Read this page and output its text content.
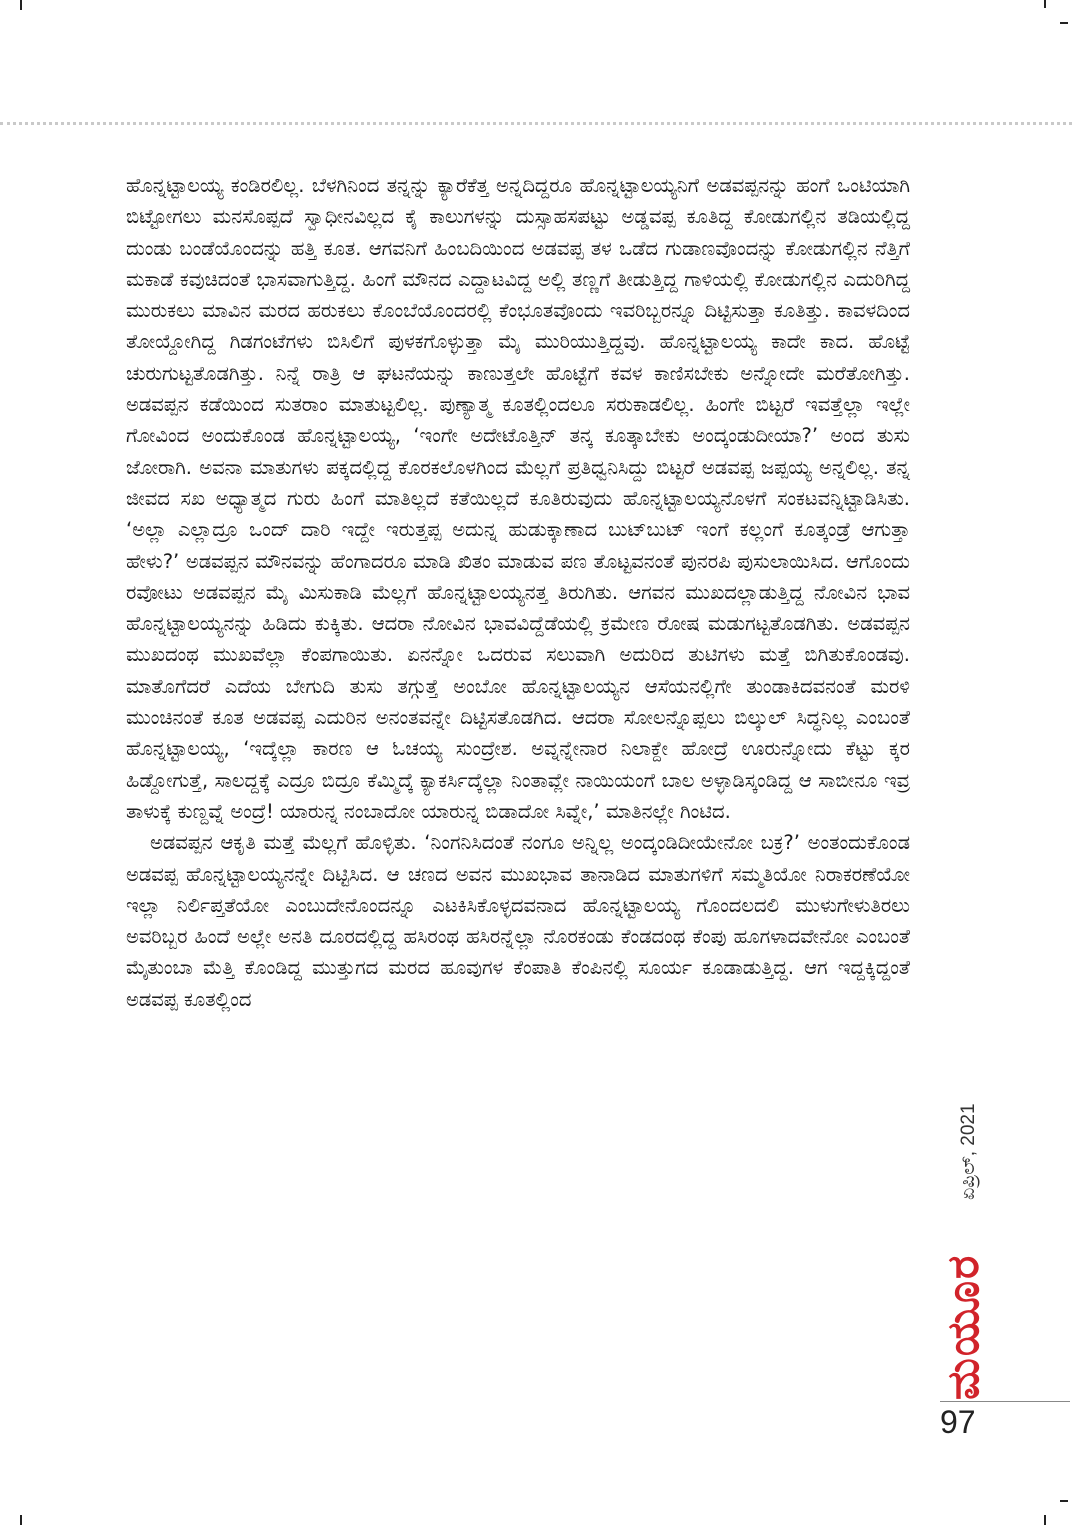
ಹೊನ್ನಟ್ಟಾಲಯ್ಯ ಕಂಡಿರಲಿಲ್ಲ. ಬೆಳಗಿನಿಂದ ತನ್ನನ್ನು ಕ್ಯಾರೆಕೆತ್ತ ಅನ್ನದಿದ್ದರೂ ಹೊನ್ನಟ್ಟಾಲಯ್ಯನಿಗೆ ಅಡವಪ್ಪನನ್ನು ಹಂಗೆ ಒಂಟಿಯಾಗಿ ಬಿಟ್ಟೋಗಲು ಮನಸೊಪ್ಪದೆ ಸ್ವಾಧೀನವಿಲ್ಲದ ಕೈ ಕಾಲುಗಳನ್ನು ದುಸ್ಸಾಹಸಪಟ್ಟು ಅಡ್ಡವಪ್ಪ ಕೂತಿದ್ದ ಕೋಡುಗಲ್ಲಿನ ತಡಿಯಲ್ಲಿದ್ದ ದುಂಡು ಬಂಡೆಯೊಂದನ್ನು ಹತ್ತಿ ಕೂತ. ಆಗವನಿಗೆ ಹಿಂಬದಿಯಿಂದ ಅಡವಪ್ಪ ತಳ ಒಡೆದ ಗುಡಾಣವೊಂದನ್ನು ಕೋಡುಗಲ್ಲಿನ ನೆತ್ತಿಗೆ ಮಕಾಡೆ ಕವುಚಿದಂತೆ ಭಾಸವಾಗುತ್ತಿದ್ದ. ಹಿಂಗೆ ಮೌನದ ಎದ್ದಾಟವಿದ್ದ ಅಲ್ಲಿ ತಣ್ಣಗೆ ತೀಡುತ್ತಿದ್ದ ಗಾಳಿಯಲ್ಲಿ ಕೋಡುಗಲ್ಲಿನ ಎದುರಿಗಿದ್ದ ಮುರುಕಲು ಮಾವಿನ ಮರದ ಹರುಕಲು ಕೊಂಬೆಯೊಂದರಲ್ಲಿ ಕೆಂಭೂತವೊಂದು ಇವರಿಬ್ಬರನ್ನೂ ದಿಟ್ಟಿಸುತ್ತಾ ಕೂತಿತ್ತು. ಕಾವಳದಿಂದ ತೋಯ್ದೋಗಿದ್ದ ಗಿಡಗಂಟೆಗಳು ಬಿಸಿಲಿಗೆ ಪುಳಕಗೊಳ್ಳುತ್ತಾ ಮೈ ಮುರಿಯುತ್ತಿದ್ದವು. ಹೊನ್ನಟ್ಟಾಲಯ್ಯ ಕಾದೇ ಕಾದ. ಹೊಟ್ಟೆ ಚುರುಗುಟ್ಟತೊಡಗಿತ್ತು. ನಿನ್ನೆ ರಾತ್ರಿ ಆ ಘಟನೆಯನ್ನು ಕಾಣುತ್ತಲೇ ಹೊಟ್ಟೆಗೆ ಕವಳ ಕಾಣಿಸಬೇಕು ಅನ್ನೋದೇ ಮರೆತೋಗಿತ್ತು. ಅಡವಪ್ಪನ ಕಡೆಯಿಂದ ಸುತರಾಂ ಮಾತುಟ್ಟಲಿಲ್ಲ. ಪುಣ್ಯಾತ್ಮ ಕೂತಲ್ಲಿಂದಲೂ ಸರುಕಾಡಲಿಲ್ಲ. ಹಿಂಗೇ ಬಿಟ್ಟರೆ ಇವತ್ತೆಲ್ಲಾ ಇಲ್ಲೇ ಗೋವಿಂದ ಅಂದುಕೊಂಡ ಹೊನ್ನಟ್ಟಾಲಯ್ಯ, ‘ಇಂಗೇ ಅದೇಟೊತ್ತಿನ್ ತನ್ಕ ಕೂತ್ಕಾಬೇಕು ಅಂದ್ಕಂಡುದೀಯಾ?’ ಅಂದ ತುಸು ಜೋರಾಗಿ. ಅವನಾ ಮಾತುಗಳು ಪಕ್ಕದಲ್ಲಿದ್ದ ಕೊರಕಲೊಳಗಿಂದ ಮೆಲ್ಲಗೆ ಪ್ರತಿಧ್ವನಿಸಿದ್ದು ಬಿಟ್ಟರೆ ಅಡವಪ್ಪ ಜಪ್ಪಯ್ಯ ಅನ್ನಲಿಲ್ಲ. ತನ್ನ ಜೀವದ ಸಖ ಅಧ್ಯಾತ್ಮದ ಗುರು ಹಿಂಗೆ ಮಾತಿಲ್ಲದೆ ಕತೆಯಿಲ್ಲದೆ ಕೂತಿರುವುದು ಹೊನ್ನಟ್ಟಾಲಯ್ಯನೊಳಗೆ ಸಂಕಟವನ್ನಿಟ್ಟಾಡಿಸಿತು. ‘ಅಲ್ಲಾ ಎಲ್ಲಾದ್ರೂ ಒಂದ್ ದಾರಿ ಇದ್ದೇ ಇರುತ್ತಪ್ಪ ಅದುನ್ನ ಹುಡುಕ್ಕಾಣಾದ ಬುಟ್‌ಬುಟ್ ಇಂಗೆ ಕಲ್ಲಂಗೆ ಕೂತ್ಕಂಡ್ರೆ ಆಗುತ್ತಾ ಹೇಳು?’ ಅಡವಪ್ಪನ ಮೌನವನ್ನು ಹೆಂಗಾದರೂ ಮಾಡಿ ಖಿತಂ ಮಾಡುವ ಪಣ ತೊಟ್ಟವನಂತೆ ಪುನರಪಿ ಪುಸುಲಾಯಿಸಿದ. ಆಗೊಂದು ರವೋಟು ಅಡವಪ್ಪನ ಮೈ ಮಿಸುಕಾಡಿ ಮೆಲ್ಲಗೆ ಹೊನ್ನಟ್ಟಾಲಯ್ಯನತ್ತ ತಿರುಗಿತು. ಆಗವನ ಮುಖದಲ್ಲಾಡುತ್ತಿದ್ದ ನೋವಿನ ಭಾವ ಹೊನ್ನಟ್ಟಾಲಯ್ಯನನ್ನು ಹಿಡಿದು ಕುಕ್ಕಿತು. ಆದರಾ ನೋವಿನ ಭಾವವಿದ್ದೆಡೆಯಲ್ಲಿ ಕ್ರಮೇಣ ರೋಷ ಮಡುಗಟ್ಟತೊಡಗಿತು. ಅಡವಪ್ಪನ ಮುಖದಂಥ ಮುಖವೆಲ್ಲಾ ಕೆಂಪಗಾಯಿತು. ಏನನ್ನೋ ಒದರುವ ಸಲುವಾಗಿ ಅದುರಿದ ತುಟಿಗಳು ಮತ್ತೆ ಬಿಗಿತುಕೊಂಡವು. ಮಾತೊಗೆದರೆ ಎದೆಯ ಬೇಗುದಿ ತುಸು ತಗ್ಗುತ್ತೆ ಅಂಬೋ ಹೊನ್ನಟ್ಟಾಲಯ್ಯನ ಆಸೆಯನಲ್ಲಿಗೇ ತುಂಡಾಕಿದವನಂತೆ ಮರಳಿ ಮುಂಚಿನಂತೆ ಕೂತ ಅಡವಪ್ಪ ಎದುರಿನ ಅನಂತವನ್ನೇ ದಿಟ್ಟಿಸತೊಡಗಿದ. ಆದರಾ ಸೋಲನ್ನೊಪ್ಪಲು ಬಿಲ್ಕುಲ್ ಸಿದ್ಧನಿಲ್ಲ ಎಂಬಂತೆ ಹೊನ್ನಟ್ಟಾಲಯ್ಯ, ‘ಇದ್ಕೆಲ್ಲಾ ಕಾರಣ ಆ ಓಚಯ್ಯ ಸುಂದ್ರೇಶ. ಅವ್ನನ್ನೇನಾರ ನಿಲಾಕ್ದೇ ಹೋದ್ರೆ ಊರುನ್ನೋದು ಕೆಟ್ಟು ಕ್ಕರ ಹಿಡ್ದೋಗುತ್ತೆ, ಸಾಲದ್ದಕ್ಕೆ ಎದ್ರೂ ಬಿದ್ರೂ ಕೆಮ್ಮಿದ್ಕೆ ಕ್ಯಾಕರ್ಸಿದ್ಕೆಲ್ಲಾ ನಿಂತಾವ್ಲೇ ನಾಯಿಯಂಗೆ ಬಾಲ ಅಳ್ಳಾಡಿಸ್ಕಂಡಿದ್ದ ಆ ಸಾಬೀನೂ ಇವ್ರ ತಾಳುಕ್ಕೆ ಕುಣ್ದವ್ನೆ ಅಂದ್ರೆ! ಯಾರುನ್ನ ನಂಬಾದೋ ಯಾರುನ್ನ ಬಿಡಾದೋ ಸಿವ್ನೇ,’ ಮಾತಿನಲ್ಲೇ ಗಿಂಟಿದ.

ಅಡವಪ್ಪನ ಆಕೃತಿ ಮತ್ತೆ ಮೆಲ್ಲಗೆ ಹೊಳ್ಳಿತು. ‘ನಿಂಗನಿಸಿದಂತೆ ನಂಗೂ ಅನ್ನಿಲ್ಲ ಅಂದ್ಕಂಡಿದೀಯೇನೋ ಬಕ್ರ?’ ಅಂತಂದುಕೊಂಡ ಅಡವಪ್ಪ ಹೊನ್ನಟ್ಟಾಲಯ್ಯನನ್ನೇ ದಿಟ್ಟಿಸಿದ. ಆ ಚಣದ ಅವನ ಮುಖಭಾವ ತಾನಾಡಿದ ಮಾತುಗಳಿಗೆ ಸಮ್ಮತಿಯೋ ನಿರಾಕರಣೆಯೋ ಇಲ್ಲಾ ನಿರ್ಲಿಪ್ತತೆಯೋ ಎಂಬುದೇನೊಂದನ್ನೂ ಎಟಕಿಸಿಕೊಳ್ಳದವನಾದ ಹೊನ್ನಟ್ಟಾಲಯ್ಯ ಗೊಂದಲದಲಿ ಮುಳುಗೇಳುತಿರಲು ಅವರಿಬ್ಬರ ಹಿಂದೆ ಅಲ್ಲೇ ಅನತಿ ದೂರದಲ್ಲಿದ್ದ ಹಸಿರಂಥ ಹಸಿರನ್ನೆಲ್ಲಾ ನೊರಕಂಡು ಕೆಂಡದಂಥ ಕೆಂಪು ಹೂಗಳಾದವೇನೋ ಎಂಬಂತೆ ಮೈತುಂಬಾ ಮೆತ್ತಿ ಕೊಂಡಿದ್ದ ಮುತ್ತುಗದ ಮರದ ಹೂವುಗಳ ಕೆಂಪಾತಿ ಕೆಂಪಿನಲ್ಲಿ ಸೂರ್ಯ ಕೂಡಾಡುತ್ತಿದ್ದ. ಆಗ ಇದ್ದಕ್ಕಿದ್ದಂತೆ ಅಡವಪ್ಪ ಕೂತಲ್ಲಿಂದ

ಏಪ್ರಿಲ್, 2021
ಮಯೂರ
97
